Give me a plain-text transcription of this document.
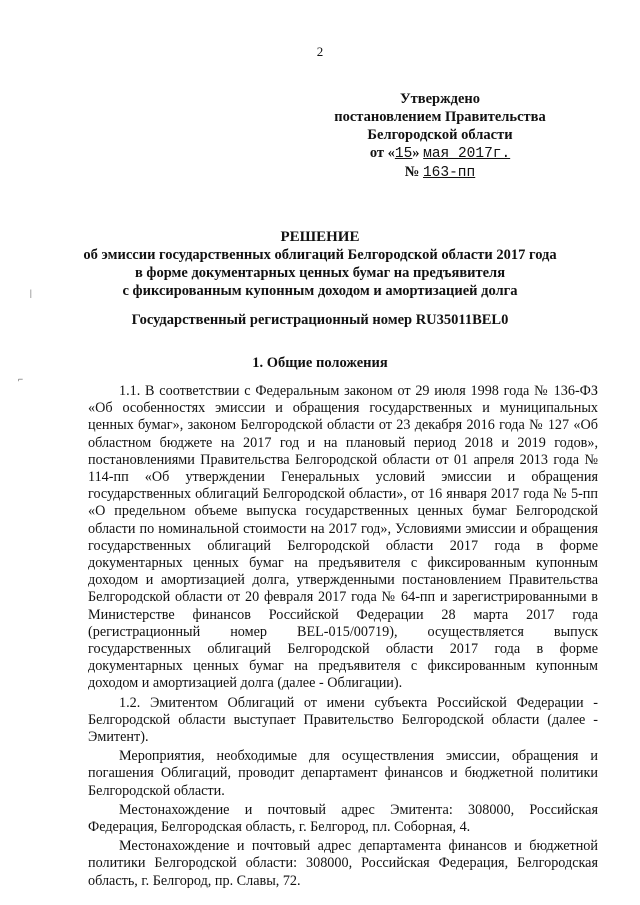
2
Утверждено
постановлением Правительства
Белгородской области
от «15» мая 2017г.
№ 163-пп
РЕШЕНИЕ
об эмиссии государственных облигаций Белгородской области 2017 года
в форме документарных ценных бумаг на предъявителя
с фиксированным купонным доходом и амортизацией долга
Государственный регистрационный номер RU35011BEL0
1. Общие положения

1.1. В соответствии с Федеральным законом от 29 июля 1998 года № 136-ФЗ «Об особенностях эмиссии и обращения государственных и муниципальных ценных бумаг», законом Белгородской области от 23 декабря 2016 года № 127 «Об областном бюджете на 2017 год и на плановый период 2018 и 2019 годов», постановлениями Правительства Белгородской области от 01 апреля 2013 года № 114-пп «Об утверждении Генеральных условий эмиссии и обращения государственных облигаций Белгородской области», от 16 января 2017 года № 5-пп «О предельном объеме выпуска государственных ценных бумаг Белгородской области по номинальной стоимости на 2017 год», Условиями эмиссии и обращения государственных облигаций Белгородской области 2017 года в форме документарных ценных бумаг на предъявителя с фиксированным купонным доходом и амортизацией долга, утвержденными постановлением Правительства Белгородской области от 20 февраля 2017 года № 64-пп и зарегистрированными в Министерстве финансов Российской Федерации 28 марта 2017 года (регистрационный номер BEL-015/00719), осуществляется выпуск государственных облигаций Белгородской области 2017 года в форме документарных ценных бумаг на предъявителя с фиксированным купонным доходом и амортизацией долга (далее - Облигации).

1.2. Эмитентом Облигаций от имени субъекта Российской Федерации - Белгородской области выступает Правительство Белгородской области (далее - Эмитент).

Мероприятия, необходимые для осуществления эмиссии, обращения и погашения Облигаций, проводит департамент финансов и бюджетной политики Белгородской области.

Местонахождение и почтовый адрес Эмитента: 308000, Российская Федерация, Белгородская область, г. Белгород, пл. Соборная, 4.

Местонахождение и почтовый адрес департамента финансов и бюджетной политики Белгородской области: 308000, Российская Федерация, Белгородская область, г. Белгород, пр. Славы, 72.

|
⌐
